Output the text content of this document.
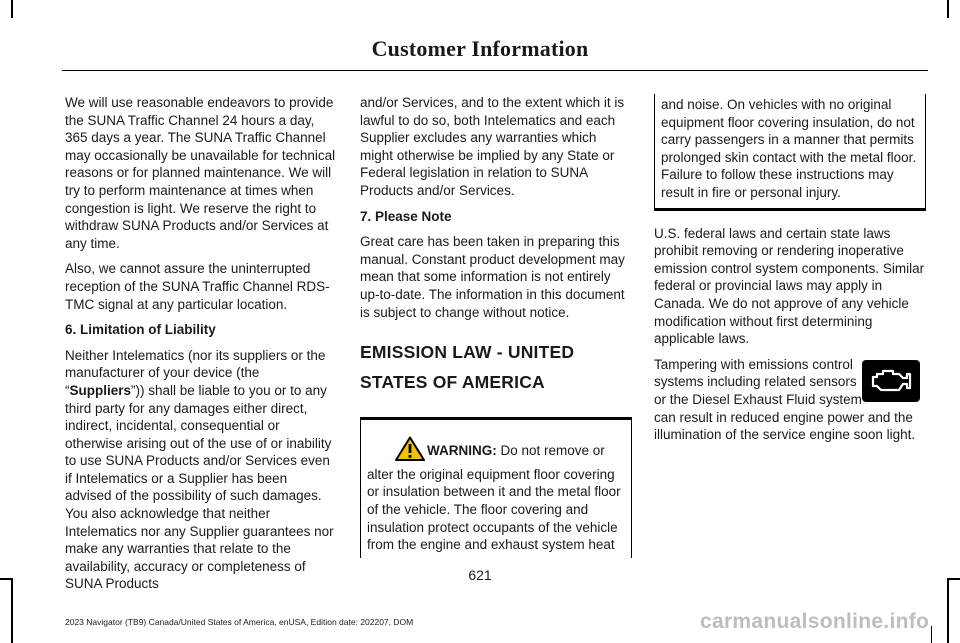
Customer Information

We will use reasonable endeavors to provide the SUNA Traffic Channel 24 hours a day, 365 days a year. The SUNA Traffic Channel may occasionally be unavailable for technical reasons or for planned maintenance. We will try to perform maintenance at times when congestion is light. We reserve the right to withdraw SUNA Products and/or Services at any time.

Also, we cannot assure the uninterrupted reception of the SUNA Traffic Channel RDS-TMC signal at any particular location.

6. Limitation of Liability

Neither Intelematics (nor its suppliers or the manufacturer of your device (the “Suppliers”)) shall be liable to you or to any third party for any damages either direct, indirect, incidental, consequential or otherwise arising out of the use of or inability to use SUNA Products and/or Services even if Intelematics or a Supplier has been advised of the possibility of such damages. You also acknowledge that neither Intelematics nor any Supplier guarantees nor make any warranties that relate to the availability, accuracy or completeness of SUNA Products

and/or Services, and to the extent which it is lawful to do so, both Intelematics and each Supplier excludes any warranties which might otherwise be implied by any State or Federal legislation in relation to SUNA Products and/or Services.

7. Please Note

Great care has been taken in preparing this manual. Constant product development may mean that some information is not entirely up-to-date. The information in this document is subject to change without notice.

EMISSION LAW - UNITED STATES OF AMERICA
WARNING: Do not remove or alter the original equipment floor covering or insulation between it and the metal floor of the vehicle. The floor covering and insulation protect occupants of the vehicle from the engine and exhaust system heat
and noise. On vehicles with no original equipment floor covering insulation, do not carry passengers in a manner that permits prolonged skin contact with the metal floor. Failure to follow these instructions may result in fire or personal injury.

U.S. federal laws and certain state laws prohibit removing or rendering inoperative emission control system components. Similar federal or provincial laws may apply in Canada. We do not approve of any vehicle modification without first determining applicable laws.

Tampering with emissions control systems including related sensors or the Diesel Exhaust Fluid system can result in reduced engine power and the illumination of the service engine soon light.

621
2023 Navigator (TB9) Canada/United States of America, enUSA, Edition date: 202207, DOM	carmanualsonline.info
